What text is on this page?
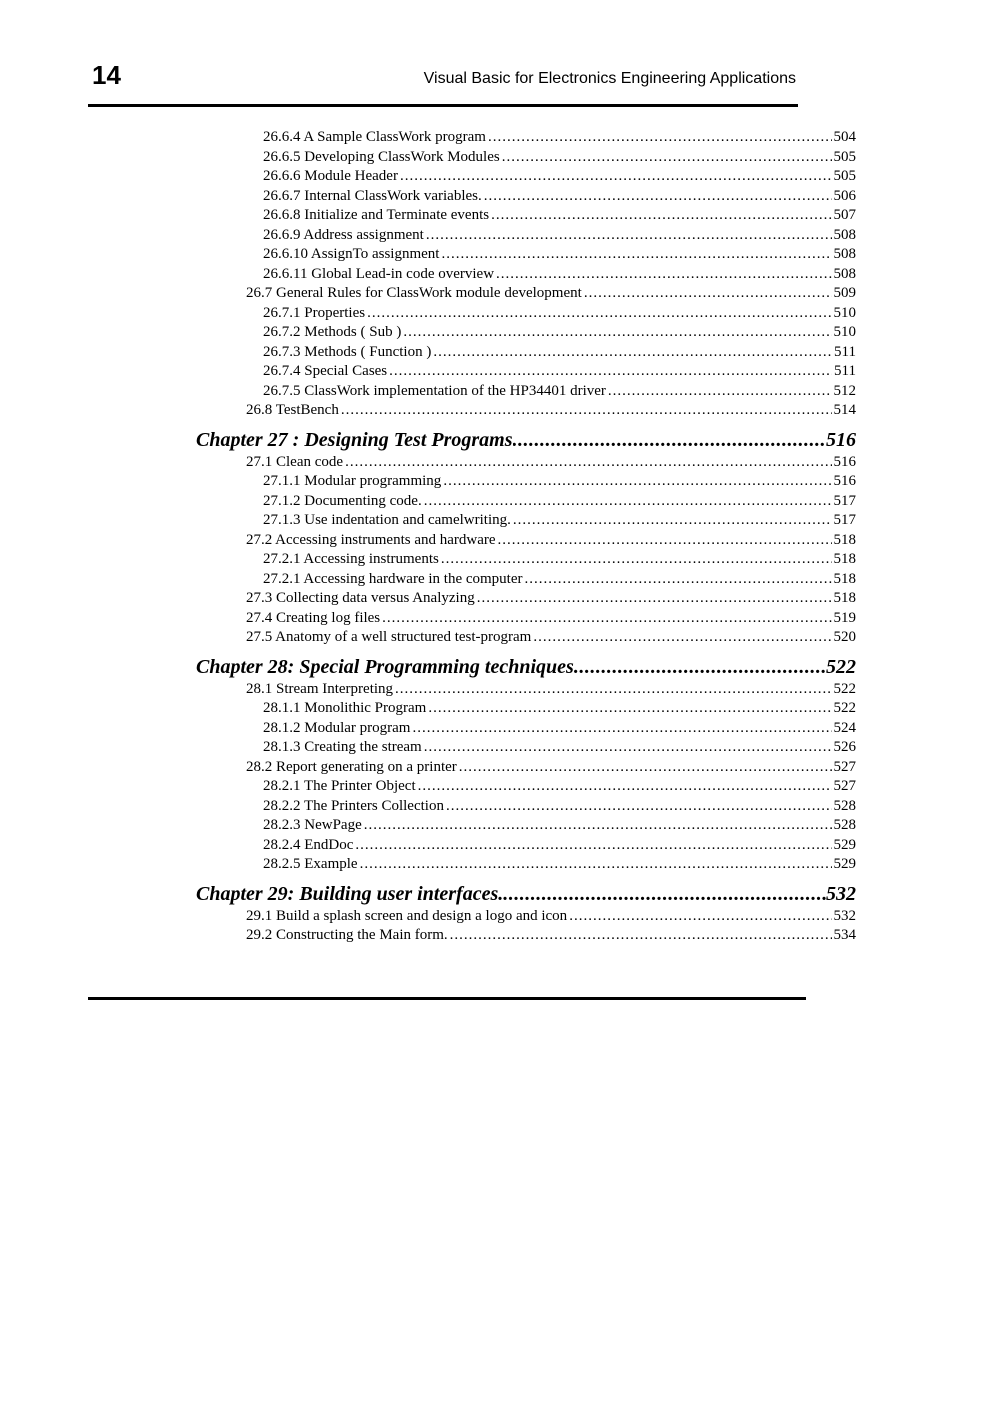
14	Visual Basic for Electronics Engineering Applications
26.6.4 A Sample ClassWork program .....	504
26.6.5 Developing ClassWork Modules .....	505
26.6.6 Module Header .....	505
26.6.7 Internal ClassWork variables. .....	506
26.6.8 Initialize and Terminate events .....	507
26.6.9 Address assignment .....	508
26.6.10 AssignTo assignment .....	508
26.6.11 Global Lead-in code overview .....	508
26.7 General Rules for ClassWork module development .....	509
26.7.1 Properties .....	510
26.7.2 Methods ( Sub ) .....	510
26.7.3 Methods ( Function ) .....	511
26.7.4 Special Cases .....	511
26.7.5 ClassWork implementation of the HP34401 driver .....	512
26.8 TestBench .....	514
Chapter 27 : Designing Test Programs .....	516
27.1 Clean code .....	516
27.1.1 Modular programming .....	516
27.1.2 Documenting code. .....	517
27.1.3 Use indentation and camelwriting. .....	517
27.2 Accessing instruments and hardware .....	518
27.2.1 Accessing instruments .....	518
27.2.1 Accessing hardware in the computer .....	518
27.3 Collecting data versus Analyzing .....	518
27.4 Creating log files .....	519
27.5 Anatomy of a well structured test-program .....	520
Chapter 28: Special Programming techniques .....	522
28.1 Stream Interpreting .....	522
28.1.1 Monolithic Program .....	522
28.1.2 Modular program .....	524
28.1.3 Creating the stream .....	526
28.2 Report generating on a printer .....	527
28.2.1 The Printer Object .....	527
28.2.2 The Printers Collection .....	528
28.2.3 NewPage .....	528
28.2.4 EndDoc .....	529
28.2.5 Example .....	529
Chapter 29: Building user interfaces. .....	532
29.1 Build a splash screen and design a logo and icon .....	532
29.2 Constructing the Main form. .....	534
